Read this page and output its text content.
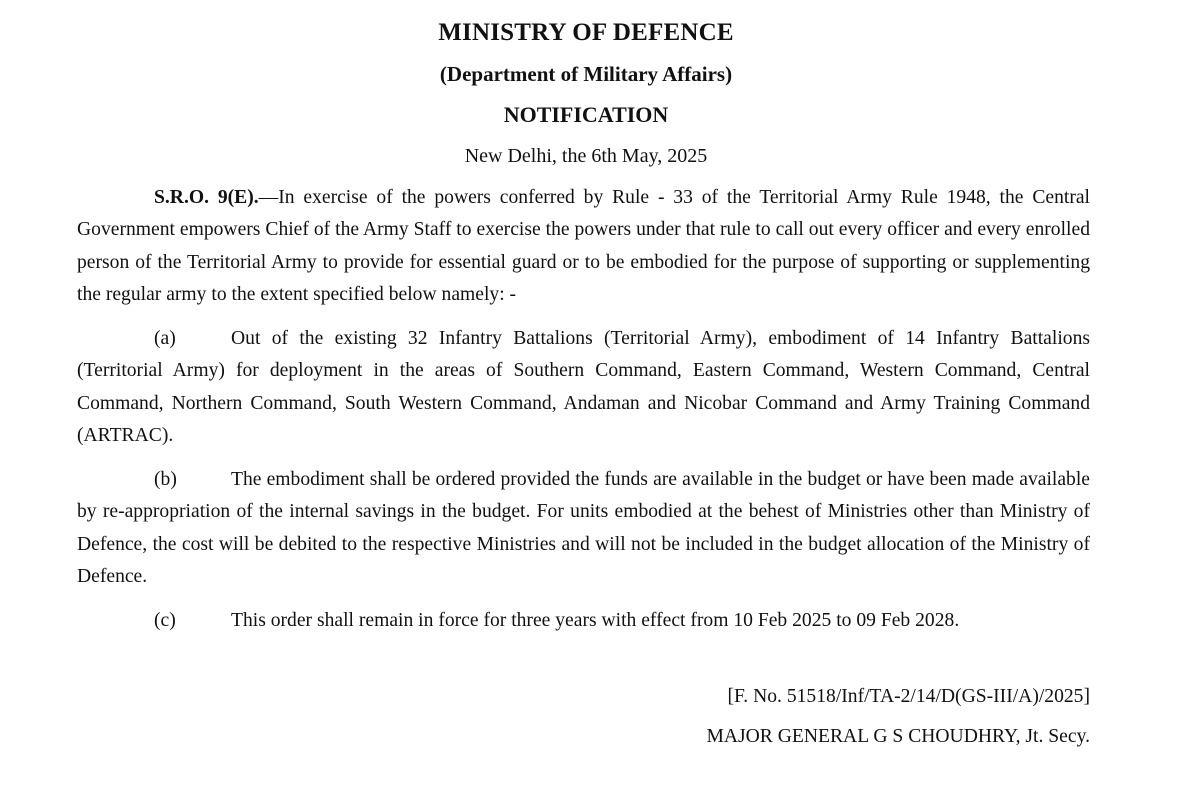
MINISTRY OF DEFENCE
(Department of Military Affairs)
NOTIFICATION
New Delhi, the 6th May, 2025
S.R.O. 9(E).—In exercise of the powers conferred by Rule - 33 of the Territorial Army Rule 1948, the Central Government empowers Chief of the Army Staff to exercise the powers under that rule to call out every officer and every enrolled person of the Territorial Army to provide for essential guard or to be embodied for the purpose of supporting or supplementing the regular army to the extent specified below namely: -
(a)	Out of the existing 32 Infantry Battalions (Territorial Army), embodiment of 14 Infantry Battalions (Territorial Army) for deployment in the areas of Southern Command, Eastern Command, Western Command, Central Command, Northern Command, South Western Command, Andaman and Nicobar Command and Army Training Command (ARTRAC).
(b)	The embodiment shall be ordered provided the funds are available in the budget or have been made available by re-appropriation of the internal savings in the budget. For units embodied at the behest of Ministries other than Ministry of Defence, the cost will be debited to the respective Ministries and will not be included in the budget allocation of the Ministry of Defence.
(c)	This order shall remain in force for three years with effect from 10 Feb 2025 to 09 Feb 2028.
[F. No. 51518/Inf/TA-2/14/D(GS-III/A)/2025]
MAJOR GENERAL G S CHOUDHRY, Jt. Secy.
